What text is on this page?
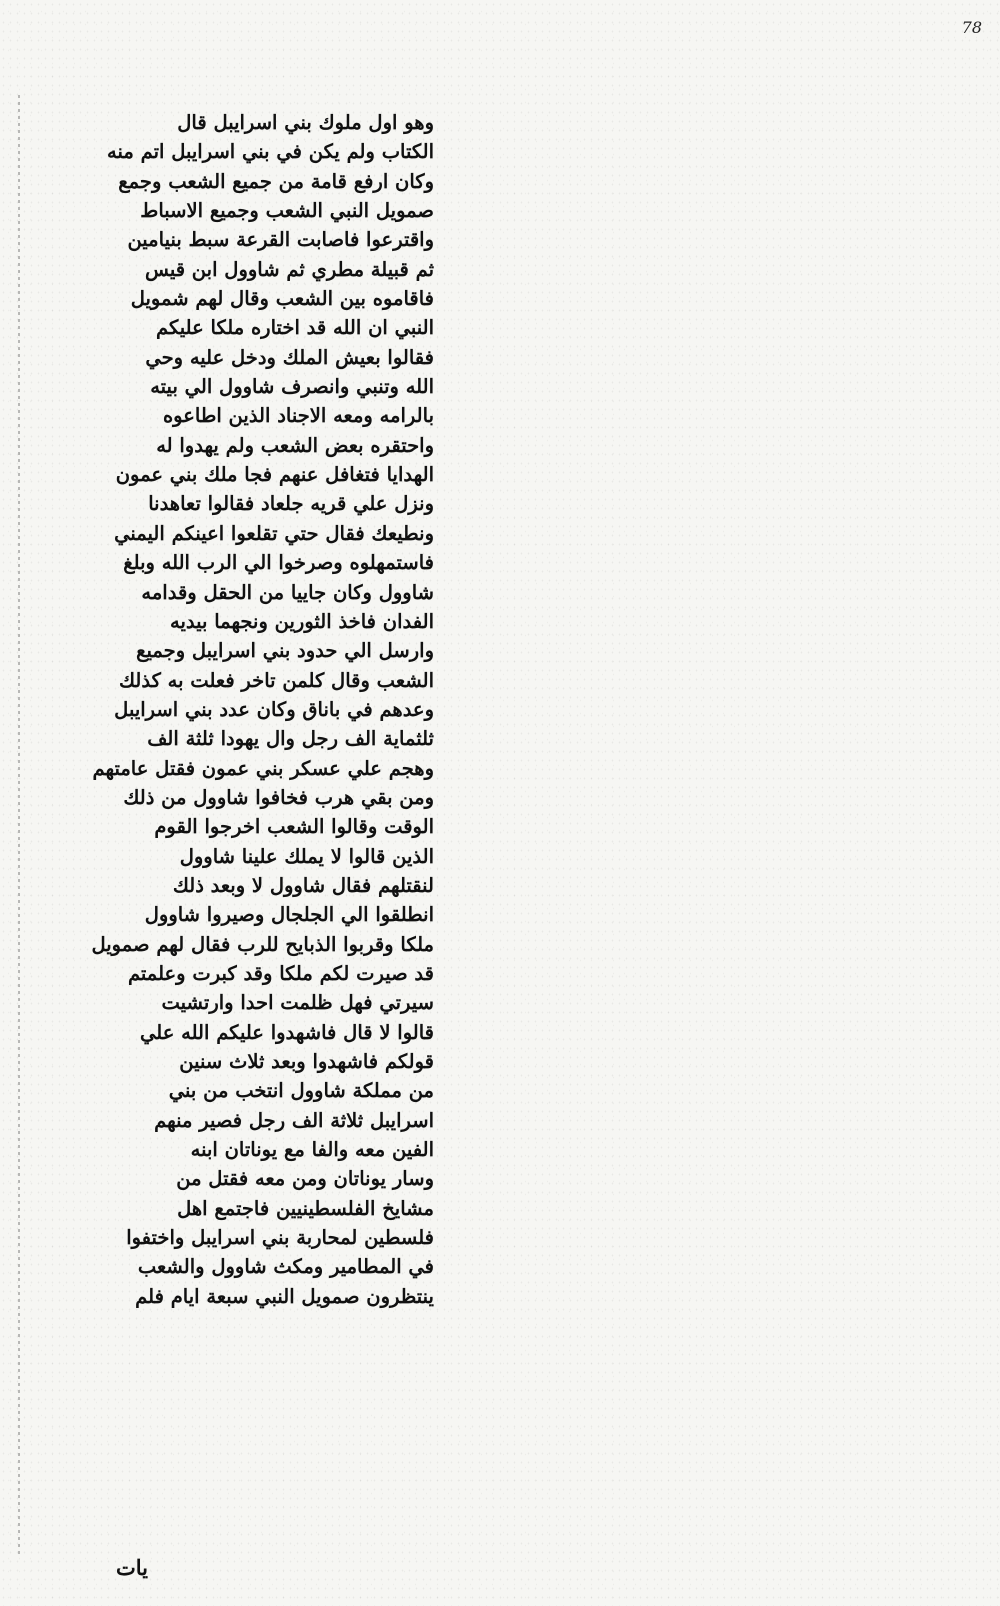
78
وهو اول ملوك بني اسرايبل قال
الكتاب ولم يكن في بني اسرايبل اتم منه
وكان ارفع قامة من جميع الشعب وجمع
صمويل النبي الشعب وجميع الاسباط
واقترعوا فاصابت القرعة سبط بنيامين
ثم قبيلة مطري ثم شاوول ابن قيس
فاقاموه بين الشعب وقال لهم شمويل
النبي ان الله قد اختاره ملكا عليكم
فقالوا بعيش الملك ودخل عليه وحي
الله وتنبي وانصرف شاوول الي بيته
بالرامه ومعه الاجناد الذين اطاعوه
واحتقره بعض الشعب ولم يهدوا له
الهدايا فتغافل عنهم فجا ملك بني عمون
ونزل علي قريه جلعاد فقالوا تعاهدنا
ونطيعك فقال حتي تقلعوا اعينكم اليمني
فاستمهلوه وصرخوا الي الرب الله وبلغ
شاوول وكان جاييا من الحقل وقدامه
الفدان فاخذ الثورين ونجهما بيديه
وارسل الي حدود بني اسرايبل وجميع
الشعب وقال كلمن تاخر فعلت به كذلك
وعدهم في باناق وكان عدد بني اسرايبل
ثلثماية الف رجل وال يهودا ثلثة الف
وهجم علي عسكر بني عمون فقتل عامتهم
ومن بقي هرب فخافوا شاوول من ذلك
الوقت وقالوا الشعب اخرجوا القوم
الذين قالوا لا يملك علينا شاوول
لنقتلهم فقال شاوول لا وبعد ذلك
انطلقوا الي الجلجال وصيروا شاوول
ملكا وقربوا الذبايح للرب فقال لهم صمويل
قد صيرت لكم ملكا وقد كبرت وعلمتم
سيرتي فهل ظلمت احدا وارتشيت
قالوا لا قال فاشهدوا عليكم الله علي
قولكم فاشهدوا وبعد ثلاث سنين
من مملكة شاوول انتخب من بني
اسرايبل ثلاثة الف رجل فصير منهم
الفين معه والفا مع يوناتان ابنه
وسار يوناتان ومن معه فقتل من
مشايخ الفلسطينيين فاجتمع اهل
فلسطين لمحاربة بني اسرايبل واختفوا
في المطامير ومكث شاوول والشعب
ينتظرون صمويل النبي سبعة ايام فلم
يات
